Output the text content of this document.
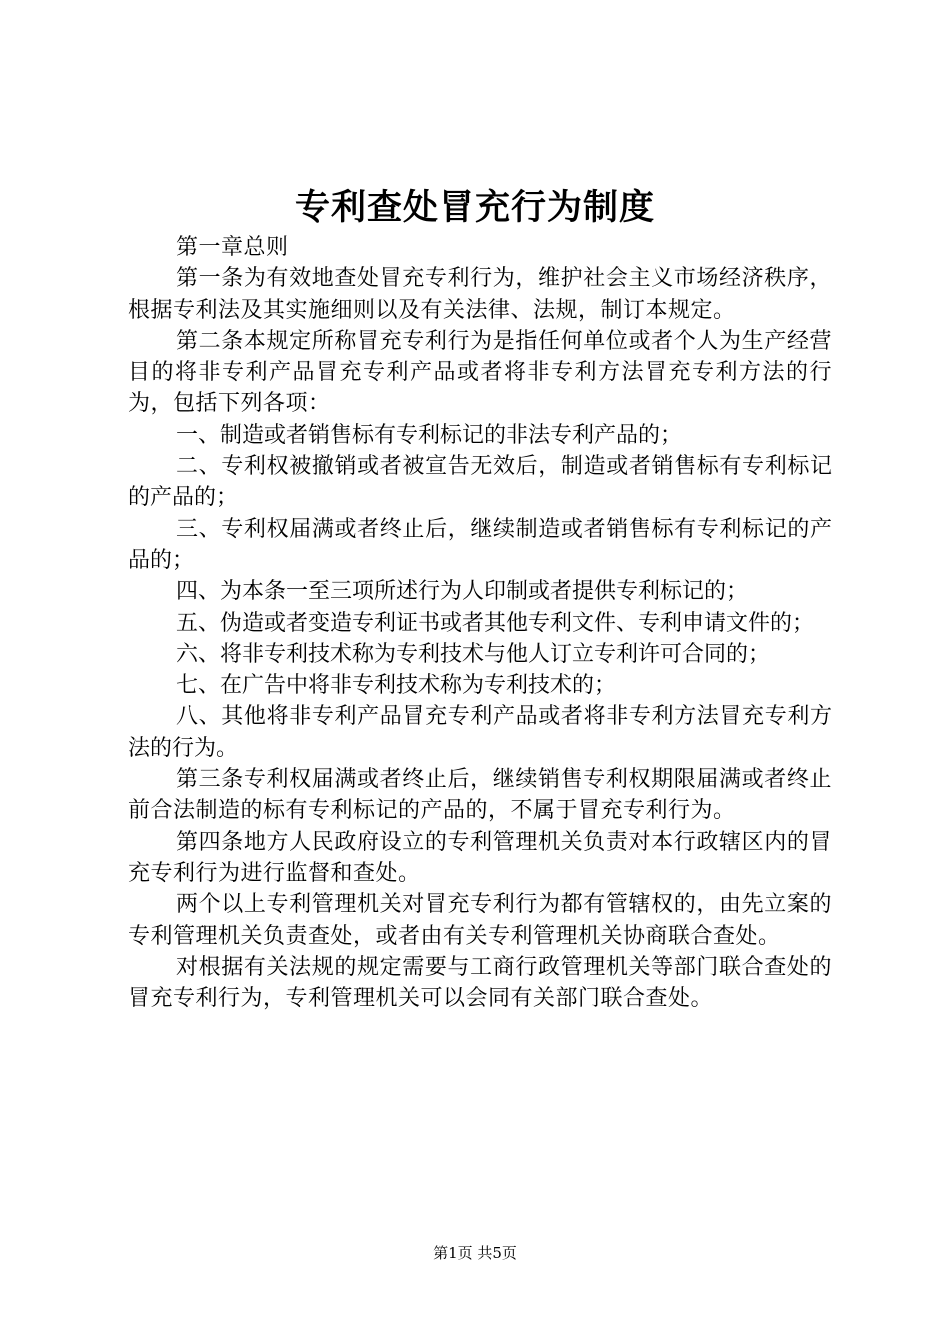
专利查处冒充行为制度

第一章总则

第一条为有效地查处冒充专利行为，维护社会主义市场经济秩序，根据专利法及其实施细则以及有关法律、法规，制订本规定。

第二条本规定所称冒充专利行为是指任何单位或者个人为生产经营目的将非专利产品冒充专利产品或者将非专利方法冒充专利方法的行为，包括下列各项：

一、制造或者销售标有专利标记的非法专利产品的；

二、专利权被撤销或者被宣告无效后，制造或者销售标有专利标记的产品的；

三、专利权届满或者终止后，继续制造或者销售标有专利标记的产品的；

四、为本条一至三项所述行为人印制或者提供专利标记的；

五、伪造或者变造专利证书或者其他专利文件、专利申请文件的；

六、将非专利技术称为专利技术与他人订立专利许可合同的；

七、在广告中将非专利技术称为专利技术的；

八、其他将非专利产品冒充专利产品或者将非专利方法冒充专利方法的行为。

第三条专利权届满或者终止后，继续销售专利权期限届满或者终止前合法制造的标有专利标记的产品的，不属于冒充专利行为。

第四条地方人民政府设立的专利管理机关负责对本行政辖区内的冒充专利行为进行监督和查处。

两个以上专利管理机关对冒充专利行为都有管辖权的，由先立案的专利管理机关负责查处，或者由有关专利管理机关协商联合查处。

对根据有关法规的规定需要与工商行政管理机关等部门联合查处的冒充专利行为，专利管理机关可以会同有关部门联合查处。

第1页 共5页
